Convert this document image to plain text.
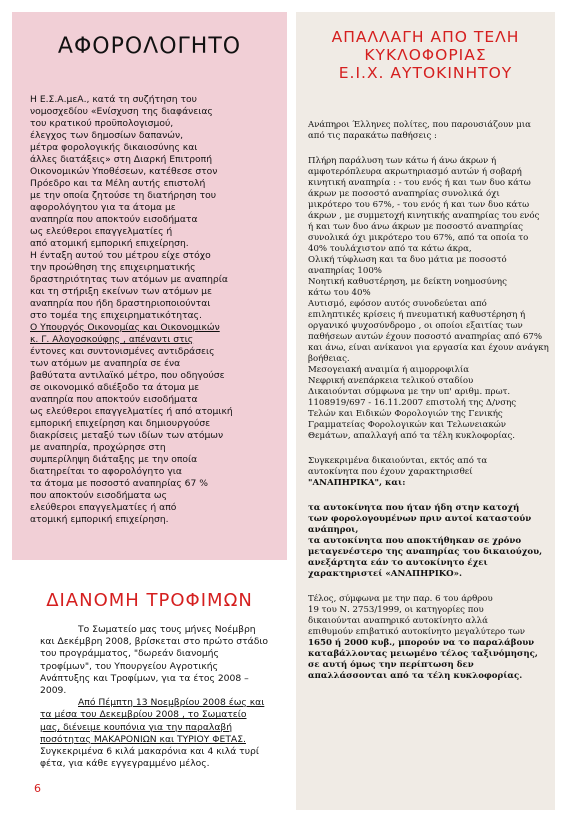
ΑΦΟΡΟΛΟΓΗΤΟ
Η Ε.Σ.Α.μεΑ., κατά τη συζήτηση του
νομοσχεδίου «Ενίσχυση της διαφάνειας
του κρατικού προϋπολογισμού,
έλεγχος των δημοσίων δαπανών,
μέτρα φορολογικής δικαιοσύνης και
άλλες διατάξεις» στη Διαρκή Επιτροπή
Οικονομικών Υποθέσεων, κατέθεσε στον
Πρόεδρο και τα Μέλη αυτής επιστολή
με την οποία ζητούσε τη διατήρηση του
αφορολόγητου για τα άτομα με
αναπηρία που αποκτούν εισοδήματα
ως ελεύθεροι επαγγελματίες ή
από ατομική εμπορική επιχείρηση.
Η ένταξη αυτού του μέτρου είχε στόχο
την προώθηση της επιχειρηματικής
δραστηριότητας των ατόμων με αναπηρία
και τη στήριξη εκείνων των ατόμων με
αναπηρία που ήδη δραστηριοποιούνται
στο τομέα της επιχειρηματικότητας.
Ο Υπουργός Οικονομίας και Οικονομικών
κ. Γ. Αλογοσκούφης , απέναντι στις
έντονες και συντονισμένες αντιδράσεις
των ατόμων με αναπηρία σε ένα
βαθύτατα αντιλαϊκό μέτρο, που οδηγούσε
σε οικονομικό αδιέξοδο τα άτομα με
αναπηρία που αποκτούν εισοδήματα
ως ελεύθεροι επαγγελματίες ή από ατομική
εμπορική επιχείρηση και δημιουργούσε
διακρίσεις μεταξύ των ιδίων των ατόμων
με αναπηρία, προχώρησε στη
συμπερίληψη διάταξης με την οποία
διατηρείται το αφορολόγητο για
τα άτομα με ποσοστό αναπηρίας 67 %
που αποκτούν εισοδήματα ως
ελεύθεροι επαγγελματίες ή από
ατομική εμπορική επιχείρηση.
ΔΙΑΝΟΜΗ ΤΡΟΦΙΜΩΝ
Το Σωματείο μας τους μήνες Νοέμβρη
και Δεκέμβρη 2008, βρίσκεται στο πρώτο στάδιο
του προγράμματος, "δωρεάν διανομής
τροφίμων", του Υπουργείου Αγροτικής
Ανάπτυξης και Τροφίμων, για τα έτος 2008 –
2009.
Από Πέμπτη 13 Νοεμβρίου 2008 έως και
τα μέσα του Δεκεμβρίου 2008 , το Σωματείο
μας, διένειμε κουπόνια για την παραλαβή
ποσότητας ΜΑΚΑΡΟΝΙΩΝ και ΤΥΡΙΟΥ ΦΕΤΑΣ.
Συγκεκριμένα 6 κιλά μακαρόνια και 4 κιλά τυρί
φέτα, για κάθε εγγεγραμμένο μέλος.
ΑΠΑΛΛΑΓΗ ΑΠΟ ΤΕΛΗ
ΚΥΚΛΟΦΟΡΙΑΣ
Ε.Ι.Χ. ΑΥΤΟΚΙΝΗΤΟΥ
Ανάπηροι Έλληνες πολίτες, που παρουσιάζουν μια
από τις παρακάτω παθήσεις :
Πλήρη παράλυση των κάτω ή άνω άκρων ή
αμφοτερόπλευρα ακρωτηριασμό αυτών ή σοβαρή
κινητική αναπηρία : - του ενός ή και των δυο κάτω
άκρων με ποσοστό αναπηρίας συνολικά όχι
μικρότερο του 67%, - του ενός ή και των δυο κάτω
άκρων , με συμμετοχή κινητικής αναπηρίας του ενός
ή και των δυο άνω άκρων με ποσοστό αναπηρίας
συνολικά όχι μικρότερο του 67%, από τα οποία το
40% τουλάχιστον από τα κάτω άκρα,
Ολική τύφλωση και τα δυο μάτια με ποσοστό
αναπηρίας 100%
Νοητική καθυστέρηση, με δείκτη νοημοσύνης
κάτω του 40%
Αυτισμό, εφόσον αυτός συνοδεύεται από
επιληπτικές κρίσεις ή πνευματική καθυστέρηση ή
οργανικό ψυχοσύνδρομο , οι οποίοι εξαιτίας των
παθήσεων αυτών έχουν ποσοστό αναπηρίας από 67%
και άνω, είναι ανίκανοι για εργασία και έχουν ανάγκη
βοήθειας.
Μεσογειακή αναιμία ή αιμορροφιλία
Νεφρική ανεπάρκεια τελικού σταδίου
Δικαιούνται σύμφωνα με την υπ' αριθμ. πρωτ.
1108919/697 - 16.11.2007 επιστολή της Δ/νσης
Τελών και Ειδικών Φορολογιών της Γενικής
Γραμματείας Φορολογικών και Τελωνειακών
Θεμάτων, απαλλαγή από τα τέλη κυκλοφορίας.
Συγκεκριμένα δικαιούνται, εκτός από τα
αυτοκίνητα που έχουν χαρακτηρισθεί
"ΑΝΑΠΗΡΙΚΑ", και:
τα αυτοκίνητα που ήταν ήδη στην κατοχή
των φορολογουμένων πριν αυτοί καταστούν
ανάπηροι,
τα αυτοκίνητα που αποκτήθηκαν σε χρόνο
μεταγενέστερο της αναπηρίας του δικαιούχου,
ανεξάρτητα εάν το αυτοκίνητο έχει
χαρακτηριστεί «ΑΝΑΠΗΡΙΚΟ».
Τέλος, σύμφωνα με την παρ. 6 του άρθρου
19 του Ν. 2753/1999, οι κατηγορίες που
δικαιούνται αναπηρικό αυτοκίνητο αλλά
επιθυμούν επιβατικό αυτοκίνητο μεγαλύτερο των
1650 ή 2000 κυβ., μπορούν να το παραλάβουν
καταβάλλοντας μειωμένο τέλος ταξινόμησης,
σε αυτή όμως την περίπτωση δεν
απαλλάσσονται από τα τέλη κυκλοφορίας.
6
